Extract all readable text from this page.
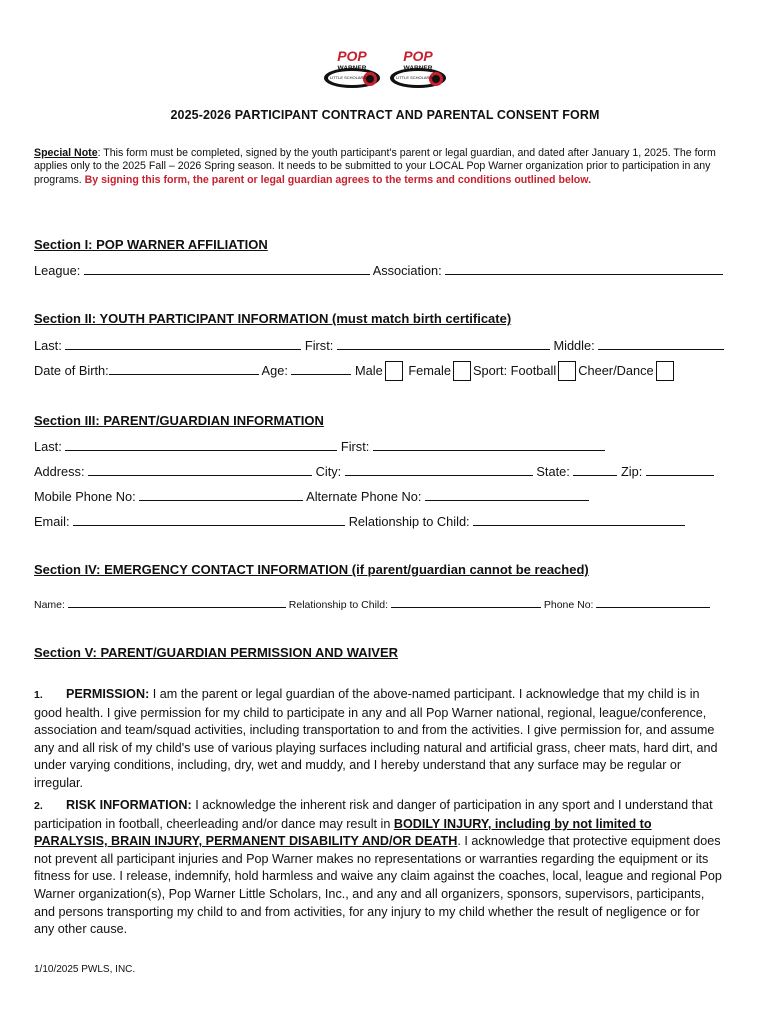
POP
WARNER
LITTLE SCHOLARS
POP
WARNER
LITTLE SCHOLARS
2025-2026 PARTICIPANT CONTRACT AND PARENTAL CONSENT FORM
Special Note: This form must be completed, signed by the youth participant's parent or legal guardian, and dated after January 1, 2025. The form applies only to the 2025 Fall – 2026 Spring season. It needs to be submitted to your LOCAL Pop Warner organization prior to participation in any programs. By signing this form, the parent or legal guardian agrees to the terms and conditions outlined below.
Section I: POP WARNER AFFILIATION
League:	Association:
Section II: YOUTH PARTICIPANT INFORMATION (must match birth certificate)
Last:	First:	Middle:
Date of Birth:	Age:	Male Female Sport: Football Cheer/Dance
Section III: PARENT/GUARDIAN INFORMATION
Last:	First:
Address:	City:	State:	Zip:
Mobile Phone No:	Alternate Phone No:
Email:	Relationship to Child:
Section IV: EMERGENCY CONTACT INFORMATION (if parent/guardian cannot be reached)
Name:	Relationship to Child:	Phone No:
Section V: PARENT/GUARDIAN PERMISSION AND WAIVER
1. PERMISSION: I am the parent or legal guardian of the above-named participant. I acknowledge that my child is in good health. I give permission for my child to participate in any and all Pop Warner national, regional, league/conference, association and team/squad activities, including transportation to and from the activities. I give permission for, and assume any and all risk of my child's use of various playing surfaces including natural and artificial grass, cheer mats, hard dirt, and under varying conditions, including, dry, wet and muddy, and I hereby understand that any surface may be regular or irregular.
2. RISK INFORMATION: I acknowledge the inherent risk and danger of participation in any sport and I understand that participation in football, cheerleading and/or dance may result in BODILY INJURY, including by not limited to PARALYSIS, BRAIN INJURY, PERMANENT DISABILITY AND/OR DEATH. I acknowledge that protective equipment does not prevent all participant injuries and Pop Warner makes no representations or warranties regarding the equipment or its fitness for use. I release, indemnify, hold harmless and waive any claim against the coaches, local, league and regional Pop Warner organization(s), Pop Warner Little Scholars, Inc., and any and all organizers, sponsors, supervisors, participants, and persons transporting my child to and from activities, for any injury to my child whether the result of negligence or for any other cause.
1/10/2025 PWLS, INC.
